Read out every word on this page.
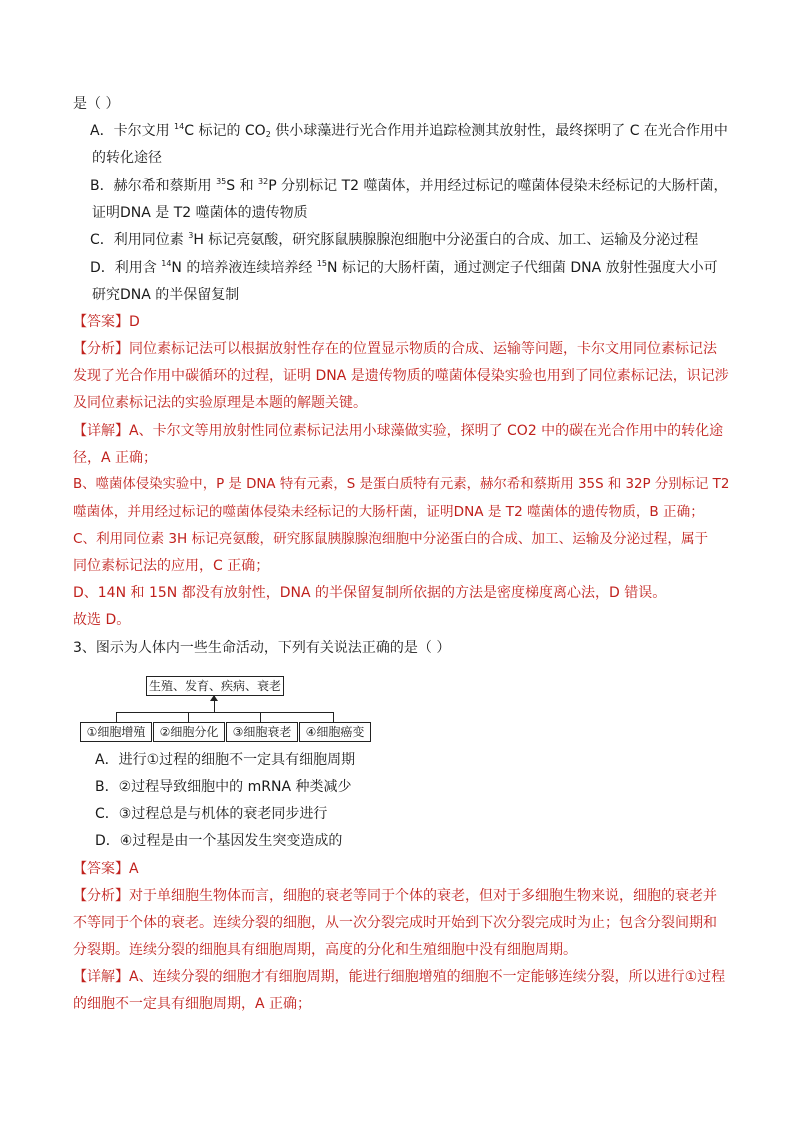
是（ ）
A．卡尔文用 $^{14}$C 标记的 $CO_2$ 供小球藻进行光合作用并追踪检测其放射性，最终探明了 C 在光合作用中
的转化途径
B．赫尔希和蔡斯用 $^{35}$S 和 $^{32}$P 分别标记 T2 噬菌体，并用经过标记的噬菌体侵染未经标记的大肠杆菌，
证明DNA 是 T2 噬菌体的遗传物质
C．利用同位素 $^3$H 标记亮氨酸，研究豚鼠胰腺腺泡细胞中分泌蛋白的合成、加工、运输及分泌过程
D．利用含 $^{14}$N 的培养液连续培养经 $^{15}$N 标记的大肠杆菌，通过测定子代细菌 DNA 放射性强度大小可
研究DNA 的半保留复制
【答案】D
【分析】同位素标记法可以根据放射性存在的位置显示物质的合成、运输等问题，卡尔文用同位素标记法
发现了光合作用中碳循环的过程，证明 DNA 是遗传物质的噬菌体侵染实验也用到了同位素标记法，识记涉
及同位素标记法的实验原理是本题的解题关键。
【详解】A、卡尔文等用放射性同位素标记法用小球藻做实验，探明了 CO2 中的碳在光合作用中的转化途
径，A 正确；
B、噬菌体侵染实验中，P 是 DNA 特有元素，S 是蛋白质特有元素，赫尔希和蔡斯用 35S 和 32P 分别标记 T2
噬菌体，并用经过标记的噬菌体侵染未经标记的大肠杆菌，证明DNA 是 T2 噬菌体的遗传物质，B 正确；
C、利用同位素 3H 标记亮氨酸，研究豚鼠胰腺腺泡细胞中分泌蛋白的合成、加工、运输及分泌过程，属于
同位素标记法的应用，C 正确；
D、14N 和 15N 都没有放射性，DNA 的半保留复制所依据的方法是密度梯度离心法，D 错误。
故选 D。
3、图示为人体内一些生命活动，下列有关说法正确的是（ ）
生殖、发育、疾病、衰老
①细胞增殖	②细胞分化	③细胞衰老	④细胞癌变
A．进行①过程的细胞不一定具有细胞周期
B．②过程导致细胞中的 mRNA 种类减少
C．③过程总是与机体的衰老同步进行
D．④过程是由一个基因发生突变造成的
【答案】A
【分析】对于单细胞生物体而言，细胞的衰老等同于个体的衰老，但对于多细胞生物来说，细胞的衰老并
不等同于个体的衰老。连续分裂的细胞，从一次分裂完成时开始到下次分裂完成时为止；包含分裂间期和
分裂期。连续分裂的细胞具有细胞周期，高度的分化和生殖细胞中没有细胞周期。
【详解】A、连续分裂的细胞才有细胞周期，能进行细胞增殖的细胞不一定能够连续分裂，所以进行①过程
的细胞不一定具有细胞周期，A 正确；
